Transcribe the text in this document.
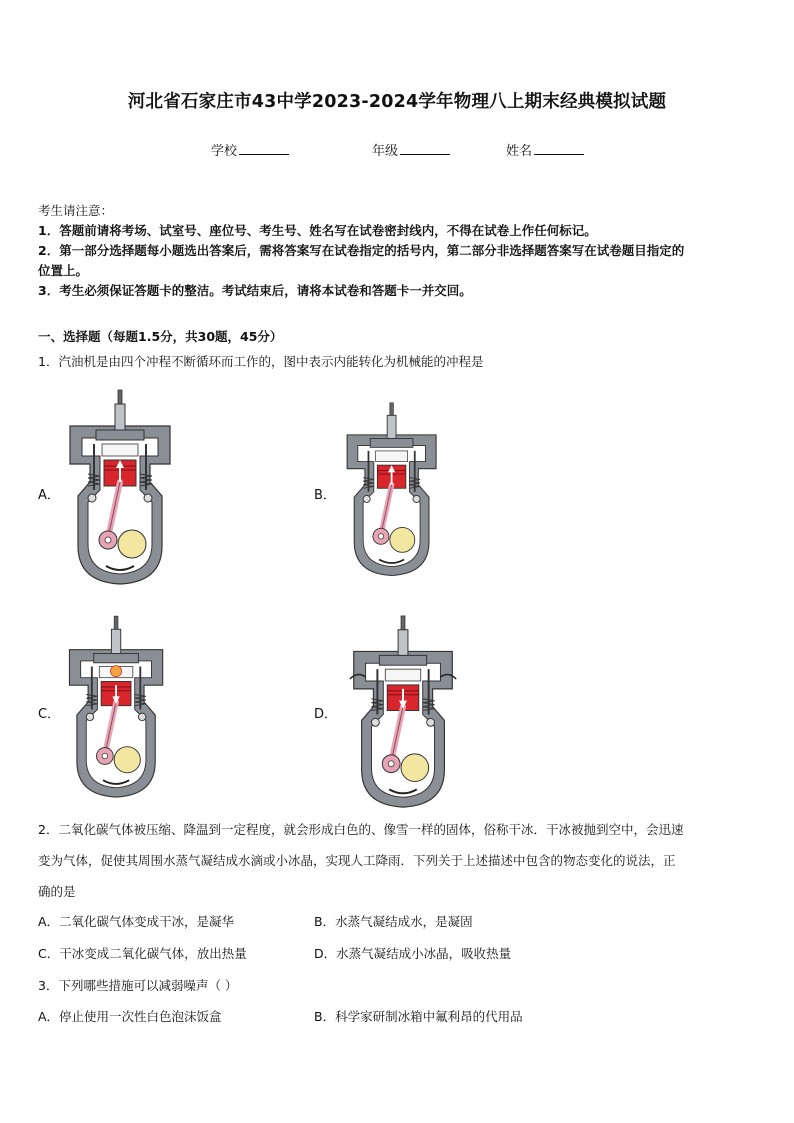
河北省石家庄市43中学2023-2024学年物理八上期末经典模拟试题
学校	年级	姓名

考生请注意：

1．答题前请将考场、试室号、座位号、考生号、姓名写在试卷密封线内，不得在试卷上作任何标记。

2．第一部分选择题每小题选出答案后，需将答案写在试卷指定的括号内，第二部分非选择题答案写在试卷题目指定的

位置上。

3．考生必须保证答题卡的整洁。考试结束后，请将本试卷和答题卡一并交回。

一、选择题（每题1.5分，共30题，45分）
1．汽油机是由四个冲程不断循环而工作的，图中表示内能转化为机械能的冲程是
A．	B．
C．	D．
2．二氧化碳气体被压缩、降温到一定程度，就会形成白色的、像雪一样的固体，俗称干冰．干冰被抛到空中，会迅速
变为气体，促使其周围水蒸气凝结成水滴或小冰晶，实现人工降雨．下列关于上述描述中包含的物态变化的说法，正
确的是
A．二氧化碳气体变成干冰，是凝华	B．水蒸气凝结成水，是凝固
C．干冰变成二氧化碳气体，放出热量	D．水蒸气凝结成小冰晶，吸收热量
3．下列哪些措施可以减弱噪声（ ）
A．停止使用一次性白色泡沫饭盒	B．科学家研制冰箱中氟利昂的代用品
